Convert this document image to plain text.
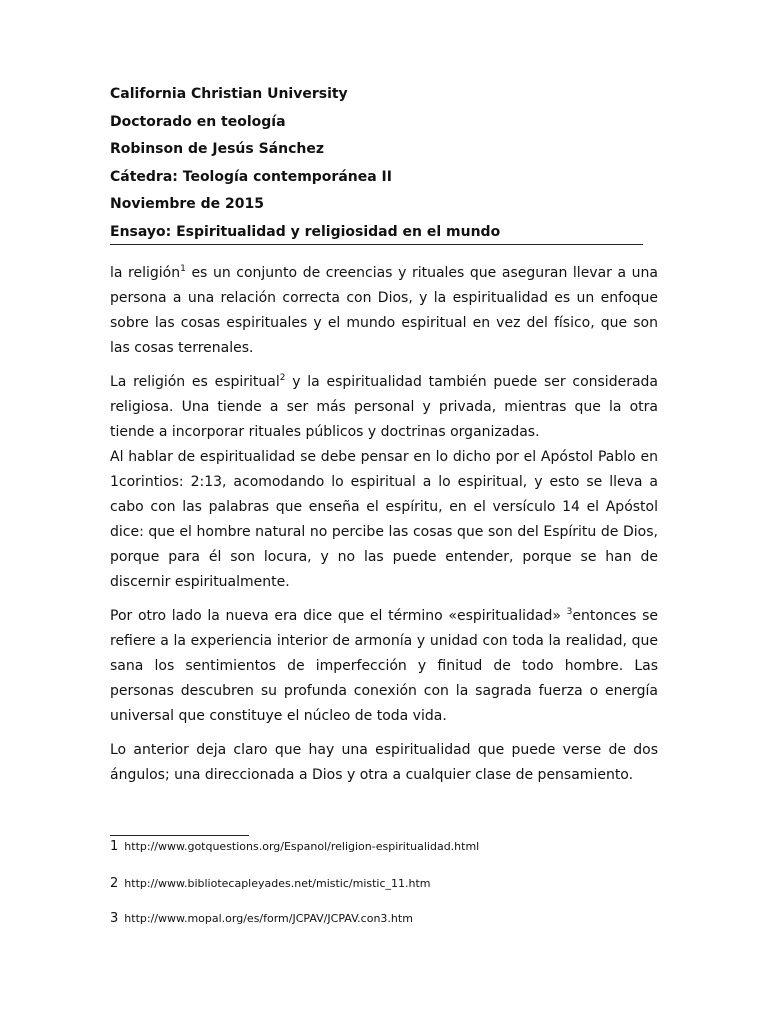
California Christian University
Doctorado en teología
Robinson de Jesús Sánchez
Cátedra: Teología contemporánea II
Noviembre de 2015
Ensayo: Espiritualidad y religiosidad en el mundo

la religión$^1$ es un conjunto de creencias y rituales que aseguran llevar a una persona a una relación correcta con Dios, y la espiritualidad es un enfoque sobre las cosas espirituales y el mundo espiritual en vez del físico, que son las cosas terrenales.

La religión es espiritual$^2$ y la espiritualidad también puede ser considerada religiosa. Una tiende a ser más personal y privada, mientras que la otra tiende a incorporar rituales públicos y doctrinas organizadas.

Al hablar de espiritualidad se debe pensar en lo dicho por el Apóstol Pablo en 1corintios: 2:13, acomodando lo espiritual a lo espiritual, y esto se lleva a cabo con las palabras que enseña el espíritu, en el versículo 14 el Apóstol dice: que el hombre natural no percibe las cosas que son del Espíritu de Dios, porque para él son locura, y no las puede entender, porque se han de discernir espiritualmente.

Por otro lado la nueva era dice que el término «espiritualidad» $^3$entonces se refiere a la experiencia interior de armonía y unidad con toda la realidad, que sana los sentimientos de imperfección y finitud de todo hombre. Las personas descubren su profunda conexión con la sagrada fuerza o energía universal que constituye el núcleo de toda vida.

Lo anterior deja claro que hay una espiritualidad que puede verse de dos ángulos; una direccionada a Dios y otra a cualquier clase de pensamiento.

1 http://www.gotquestions.org/Espanol/religion-espiritualidad.html
2 http://www.bibliotecapleyades.net/mistic/mistic_11.htm
3 http://www.mopal.org/es/form/JCPAV/JCPAV.con3.htm
